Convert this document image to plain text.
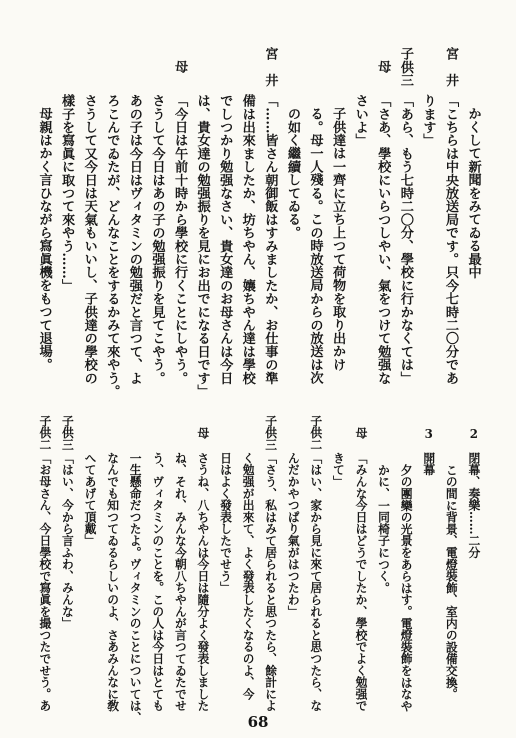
かくして新聞をみてゐる最中
宮　井
「こちらは中央放送局です。只今七時二〇分であ
ります」
子供三
「あら、もう七時二〇分、學校に行かなくては」
母
「さあ、學校にいらつしやい、氣をつけて勉强な
さいよ」
子供達は一齊に立ち上つて荷物を取り出かけ
る。母一人殘る。この時放送局からの放送は次
の如く繼續してゐる。
宮　井
「……皆さん朝御飯はすみましたか、お仕事の準
備は出來ましたか、坊ちやん、孃ちやん達は學校
でしつかり勉强なさい、貴女達のお母さんは今日
は、貴女達の勉强振りを見にお出でになる日です」
母
「今日は午前十時から學校に行くことにしやう。
さうして今日はあの子の勉强振りを見てこやう。
あの子は今日はヴィタミンの勉强だと言つて、よ
ろこんでゐたが、どんなことをするかみて來やう。
さうして又今日は天氣もいいし、子供達の學校の
樣子を寫眞に取つて來やう……」
母親はかく言ひながら寫眞機をもつて退場。
2
閉幕、奏樂……二分
この間に背景、電燈裝飾、室内の設備交換。
3
開幕
夕の團欒の光景をあらはす。電燈裝飾をはなや
かに、一同椅子につく。
母
「みんな今日はどうでしたか、學校でよく勉强で
きて」
子供二
「はい、家から見に來て居られると思つたら、な
んだかやつぱり氣がはつたわ」
子供三
「さう、私はみて居られると思つたら、餘計によ
く勉强が出來て、よく發表したくなるのよ、今
日はよく發表したでせう」
母
さうね、八ちやんは今日は隨分よく發表しました
ね、それ、みんな今朝八ちやんが言つてゐたでせ
う、ヴィタミンのことを。この人は今日はとても
一生懸命だつたよ。ヴィタミンのことについては、
なんでも知つてゐるらしいのよ、さあみんなに敎
へてあげて頂戴」
子供三
「はい、今から言ふわ、みんな」
子供二
「お母さん、今日學校で寫眞を撮つたでせう。あ
68
